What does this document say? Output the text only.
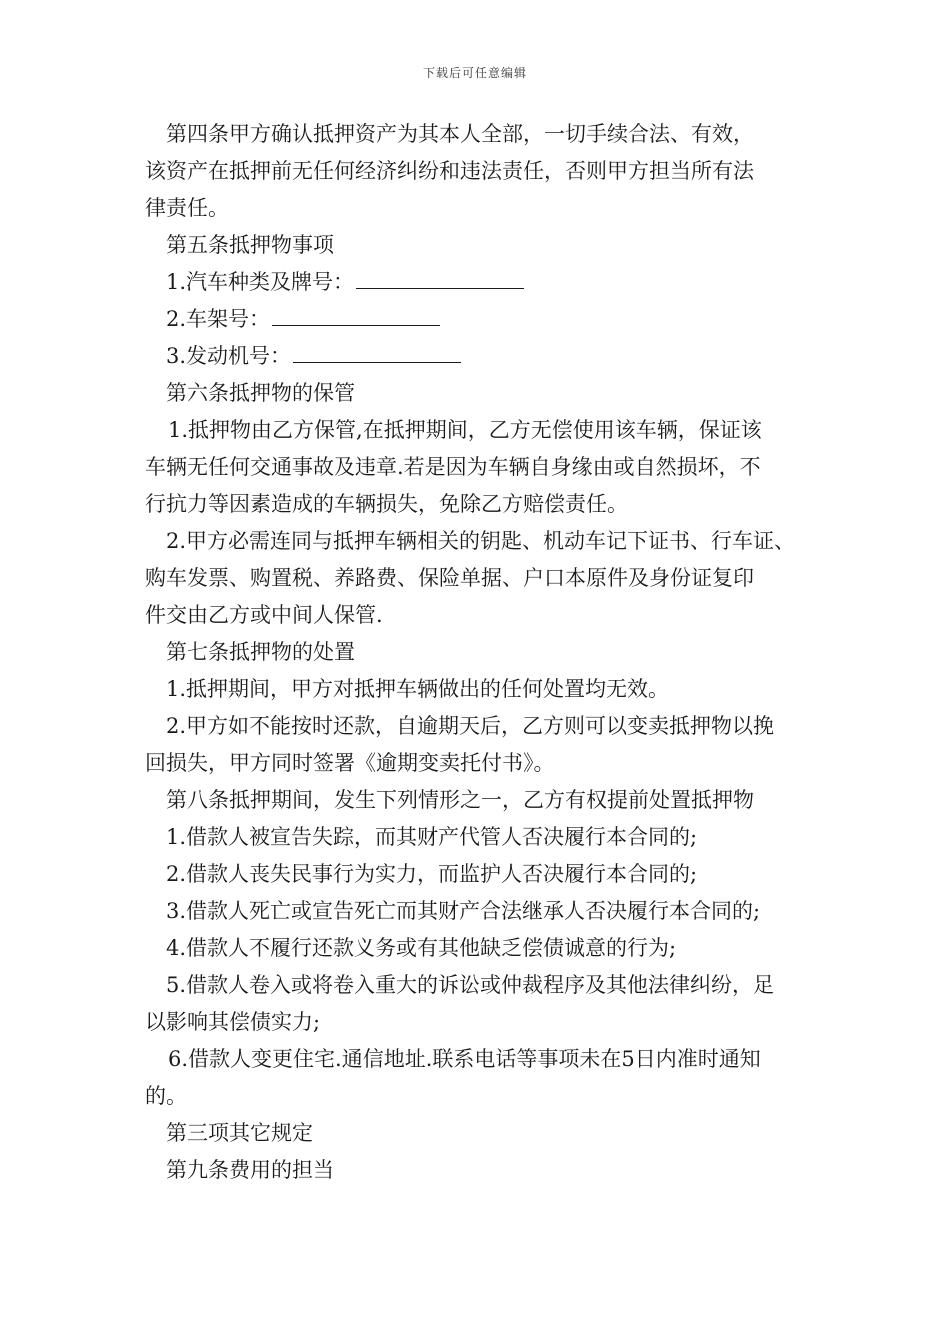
下载后可任意编辑
第四条甲方确认抵押资产为其本人全部，一切手续合法、有效，
该资产在抵押前无任何经济纠纷和违法责任，否则甲方担当所有法
律责任。
第五条抵押物事项
1.汽车种类及牌号：
2.车架号：
3.发动机号：
第六条抵押物的保管
1.抵押物由乙方保管,在抵押期间，乙方无偿使用该车辆，保证该
车辆无任何交通事故及违章.若是因为车辆自身缘由或自然损坏，不
行抗力等因素造成的车辆损失，免除乙方赔偿责任。
2.甲方必需连同与抵押车辆相关的钥匙、机动车记下证书、行车证、
购车发票、购置税、养路费、保险单据、户口本原件及身份证复印
件交由乙方或中间人保管.
第七条抵押物的处置
1.抵押期间，甲方对抵押车辆做出的任何处置均无效。
2.甲方如不能按时还款，自逾期天后，乙方则可以变卖抵押物以挽
回损失，甲方同时签署《逾期变卖托付书》。
第八条抵押期间，发生下列情形之一，乙方有权提前处置抵押物
1.借款人被宣告失踪，而其财产代管人否决履行本合同的;
2.借款人丧失民事行为实力，而监护人否决履行本合同的;
3.借款人死亡或宣告死亡而其财产合法继承人否决履行本合同的;
4.借款人不履行还款义务或有其他缺乏偿债诚意的行为;
5.借款人卷入或将卷入重大的诉讼或仲裁程序及其他法律纠纷，足
以影响其偿债实力;
6.借款人变更住宅.通信地址.联系电话等事项未在5日内准时通知
的。
第三项其它规定
第九条费用的担当
